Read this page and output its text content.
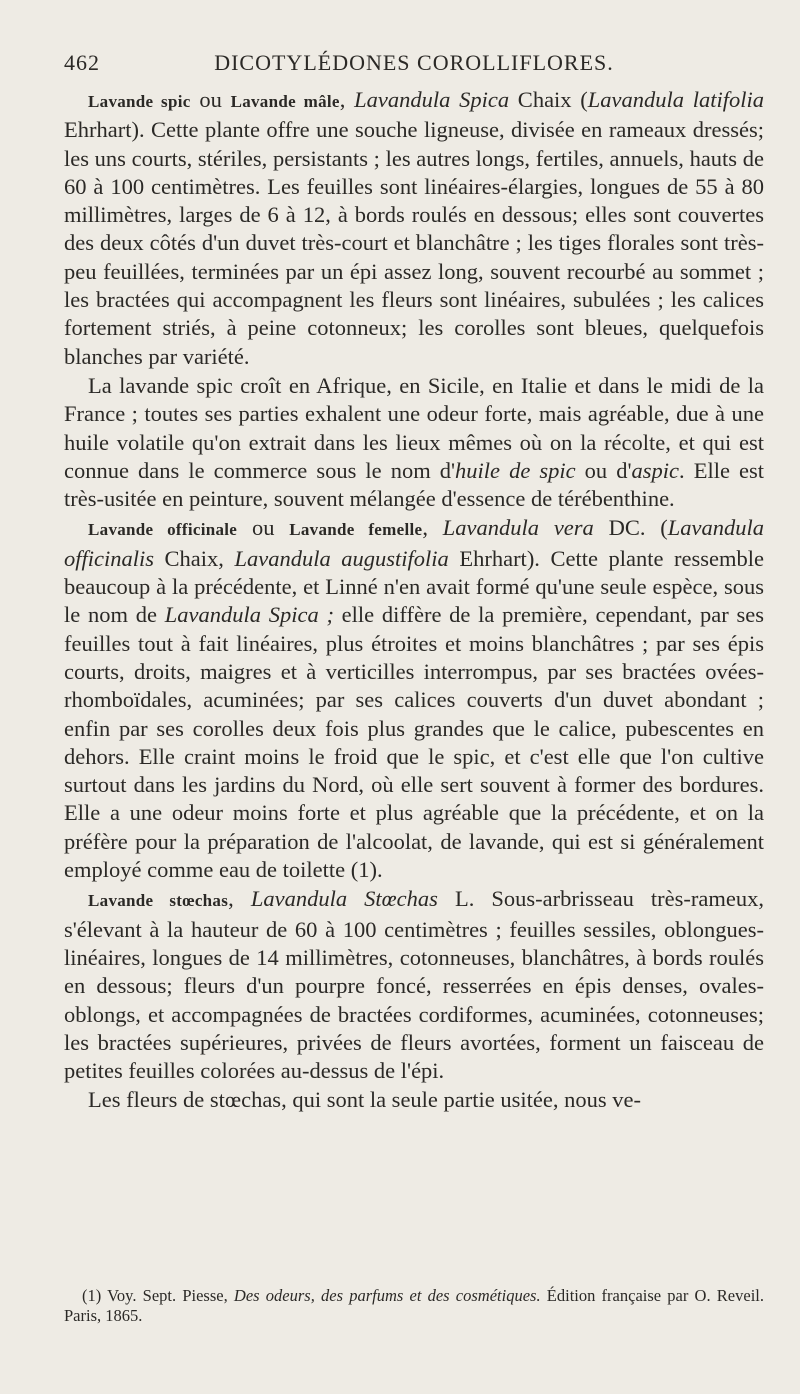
462	DICOTYLÉDONES COROLLIFLORES.

Lavande spic ou Lavande mâle, Lavandula Spica Chaix (Lavandula latifolia Ehrhart). Cette plante offre une souche ligneuse, divisée en rameaux dressés; les uns courts, stériles, persistants ; les autres longs, fertiles, annuels, hauts de 60 à 100 centimètres. Les feuilles sont linéaires-élargies, longues de 55 à 80 millimètres, larges de 6 à 12, à bords roulés en dessous; elles sont couvertes des deux côtés d'un duvet très-court et blanchâtre ; les tiges florales sont très-peu feuillées, terminées par un épi assez long, souvent recourbé au sommet ; les bractées qui accompagnent les fleurs sont linéaires, subulées ; les calices fortement striés, à peine cotonneux; les corolles sont bleues, quelquefois blanches par variété.

La lavande spic croît en Afrique, en Sicile, en Italie et dans le midi de la France ; toutes ses parties exhalent une odeur forte, mais agréable, due à une huile volatile qu'on extrait dans les lieux mêmes où on la récolte, et qui est connue dans le commerce sous le nom d'huile de spic ou d'aspic. Elle est très-usitée en peinture, souvent mélangée d'essence de térébenthine.

Lavande officinale ou Lavande femelle, Lavandula vera DC. (Lavandula officinalis Chaix, Lavandula augustifolia Ehrhart). Cette plante ressemble beaucoup à la précédente, et Linné n'en avait formé qu'une seule espèce, sous le nom de Lavandula Spica ; elle diffère de la première, cependant, par ses feuilles tout à fait linéaires, plus étroites et moins blanchâtres ; par ses épis courts, droits, maigres et à verticilles interrompus, par ses bractées ovées-rhomboïdales, acuminées; par ses calices couverts d'un duvet abondant ; enfin par ses corolles deux fois plus grandes que le calice, pubescentes en dehors. Elle craint moins le froid que le spic, et c'est elle que l'on cultive surtout dans les jardins du Nord, où elle sert souvent à former des bordures. Elle a une odeur moins forte et plus agréable que la précédente, et on la préfère pour la préparation de l'alcoolat, de lavande, qui est si généralement employé comme eau de toilette (1).

Lavande stœchas, Lavandula Stœchas L. Sous-arbrisseau très-rameux, s'élevant à la hauteur de 60 à 100 centimètres ; feuilles sessiles, oblongues-linéaires, longues de 14 millimètres, cotonneuses, blanchâtres, à bords roulés en dessous; fleurs d'un pourpre foncé, resserrées en épis denses, ovales-oblongs, et accompagnées de bractées cordiformes, acuminées, cotonneuses; les bractées supérieures, privées de fleurs avortées, forment un faisceau de petites feuilles colorées au-dessus de l'épi.

Les fleurs de stœchas, qui sont la seule partie usitée, nous ve-

(1) Voy. Sept. Piesse, Des odeurs, des parfums et des cosmétiques. Édition française par O. Reveil. Paris, 1865.
